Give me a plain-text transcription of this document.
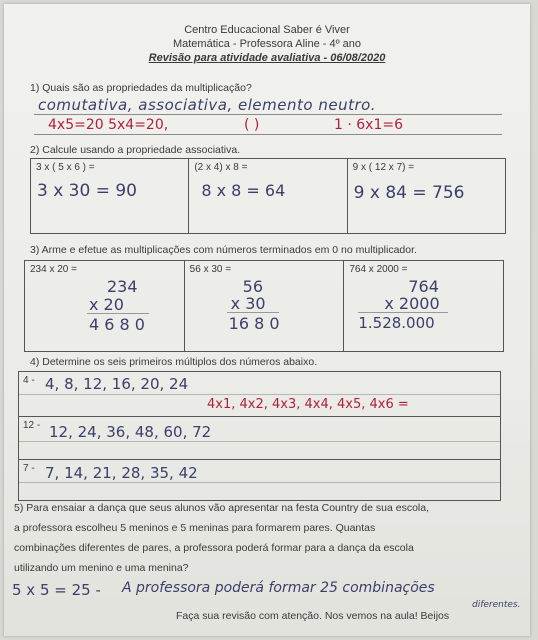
Centro Educacional Saber é Viver
Matemática - Professora Aline - 4º ano
Revisão para atividade avaliativa - 06/08/2020
1) Quais são as propriedades da multiplicação?
comutativa, associativa, elemento neutro.
4x5=20 5x4=20,	( )	1 · 6x1=6
2) Calcule usando a propriedade associativa.
3 x ( 5 x 6 ) =
3 x 30 = 90
(2 x 4) x 8 =
8 x 8 = 64
9 x ( 12 x 7) =
9 x 84 = 756
3) Arme e efetue as multiplicações com números terminados em 0 no multiplicador.
234 x 20 =
234
x 20
4 6 8 0
56 x 30 =
56
x 30
16 8 0
764 x 2000 =
764
x 2000
1.528.000
4) Determine os seis primeiros múltiplos dos números abaixo.
4 - 4, 8, 12, 16, 20, 24
4x1, 4x2, 4x3, 4x4, 4x5, 4x6 =
12 - 12, 24, 36, 48, 60, 72
7 - 7, 14, 21, 28, 35, 42
5) Para ensaiar a dança que seus alunos vão apresentar na festa Country de sua escola,
a professora escolheu 5 meninos e 5 meninas para formarem pares. Quantas
combinações diferentes de pares, a professora poderá formar para a dança da escola
utilizando um menino e uma menina?
5 x 5 = 25 - A professora poderá formar 25 combinações
diferentes.
Faça sua revisão com atenção. Nos vemos na aula! Beijos
